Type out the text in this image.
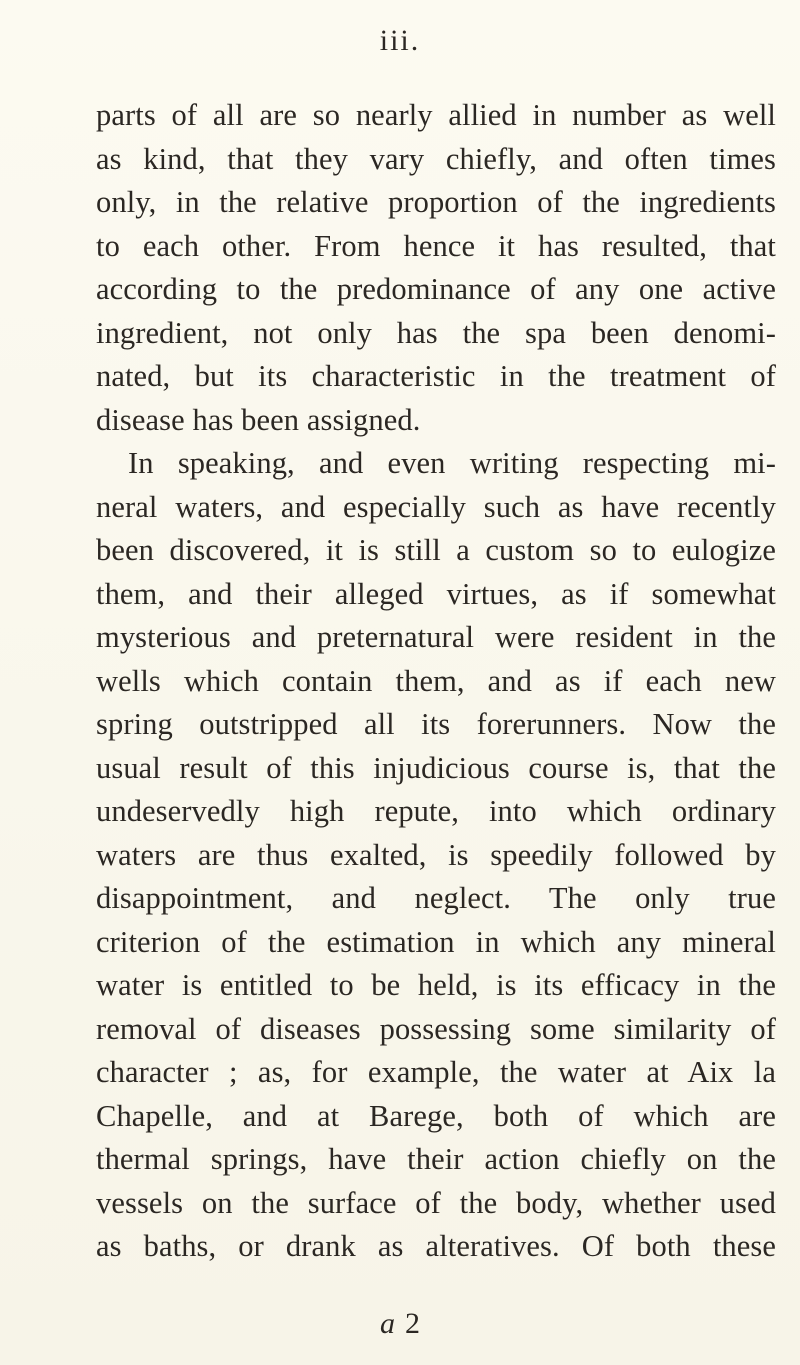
iii.
parts of all are so nearly allied in number as well
as kind, that they vary chiefly, and often times
only, in the relative proportion of the ingredients
to each other. From hence it has resulted, that
according to the predominance of any one active
ingredient, not only has the spa been denomi-
nated, but its characteristic in the treatment of
disease has been assigned.
In speaking, and even writing respecting mi-
neral waters, and especially such as have recently
been discovered, it is still a custom so to eulogize
them, and their alleged virtues, as if somewhat
mysterious and preternatural were resident in the
wells which contain them, and as if each new
spring outstripped all its forerunners. Now the
usual result of this injudicious course is, that the
undeservedly high repute, into which ordinary
waters are thus exalted, is speedily followed by
disappointment, and neglect. The only true
criterion of the estimation in which any mineral
water is entitled to be held, is its efficacy in the
removal of diseases possessing some similarity of
character ; as, for example, the water at Aix la
Chapelle, and at Barege, both of which are
thermal springs, have their action chiefly on the
vessels on the surface of the body, whether used
as baths, or drank as alteratives. Of both these
a 2
